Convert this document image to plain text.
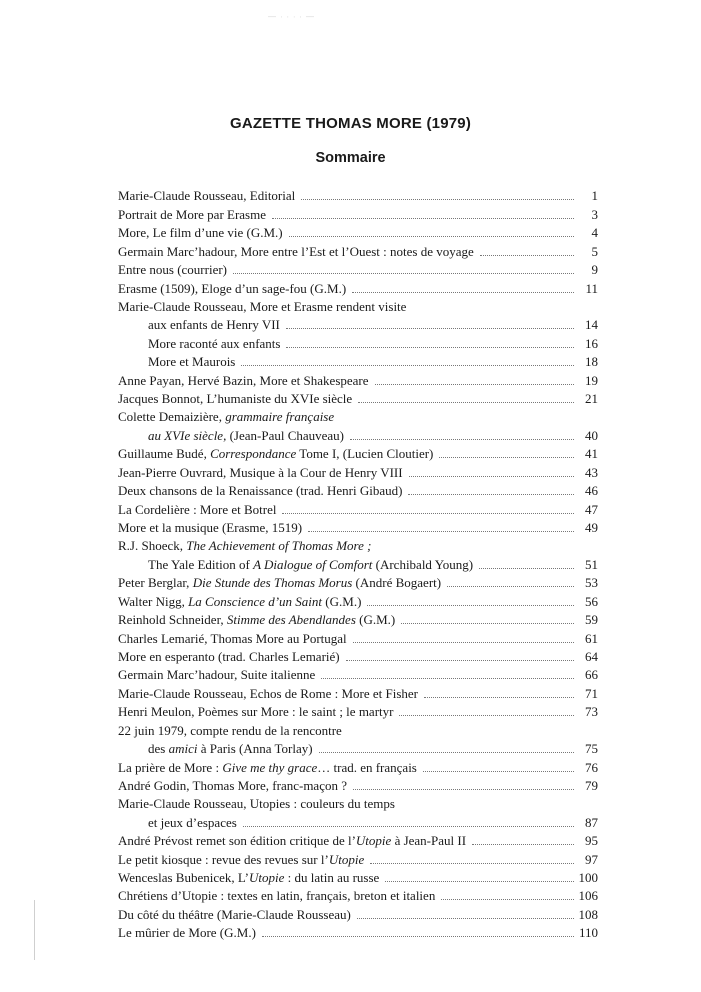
— ∙ ∙ ∙ ∙ —
GAZETTE THOMAS MORE (1979)
Sommaire
Marie-Claude Rousseau, Editorial	1
Portrait de More par Erasme	3
More, Le film d’une vie (G.M.)	4
Germain Marc’hadour, More entre l’Est et l’Ouest : notes de voyage	5
Entre nous (courrier)	9
Erasme (1509), Eloge d’un sage-fou (G.M.)	11
Marie-Claude Rousseau, More et Erasme rendent visite
aux enfants de Henry VII	14
More raconté aux enfants	16
More et Maurois	18
Anne Payan, Hervé Bazin, More et Shakespeare	19
Jacques Bonnot, L’humaniste du XVIe siècle	21
Colette Demaizière, grammaire française
au XVIe siècle, (Jean-Paul Chauveau)	40
Guillaume Budé, Correspondance Tome I, (Lucien Cloutier)	41
Jean-Pierre Ouvrard, Musique à la Cour de Henry VIII	43
Deux chansons de la Renaissance (trad. Henri Gibaud)	46
La Cordelière : More et Botrel	47
More et la musique (Erasme, 1519)	49
R.J. Shoeck, The Achievement of Thomas More ;
The Yale Edition of A Dialogue of Comfort (Archibald Young)	51
Peter Berglar, Die Stunde des Thomas Morus (André Bogaert)	53
Walter Nigg, La Conscience d’un Saint (G.M.)	56
Reinhold Schneider, Stimme des Abendlandes (G.M.)	59
Charles Lemarié, Thomas More au Portugal	61
More en esperanto (trad. Charles Lemarié)	64
Germain Marc’hadour, Suite italienne	66
Marie-Claude Rousseau, Echos de Rome : More et Fisher	71
Henri Meulon, Poèmes sur More : le saint ; le martyr	73
22 juin 1979, compte rendu de la rencontre
des amici à Paris (Anna Torlay)	75
La prière de More : Give me thy grace… trad. en français	76
André Godin, Thomas More, franc-maçon ?	79
Marie-Claude Rousseau, Utopies : couleurs du temps
et jeux d’espaces	87
André Prévost remet son édition critique de l’Utopie à Jean-Paul II	95
Le petit kiosque : revue des revues sur l’Utopie	97
Wenceslas Bubenicek, L’Utopie : du latin au russe	100
Chrétiens d’Utopie : textes en latin, français, breton et italien	106
Du côté du théâtre (Marie-Claude Rousseau)	108
Le mûrier de More (G.M.)	110
